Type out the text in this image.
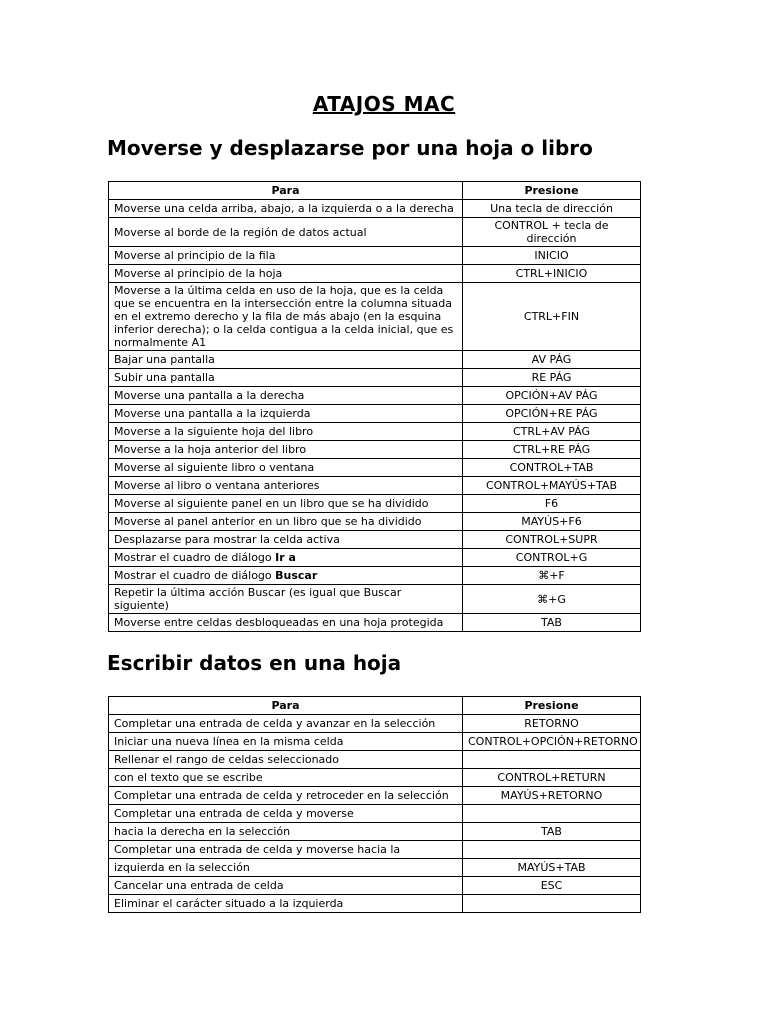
ATAJOS MAC
Moverse y desplazarse por una hoja o libro
Para	Presione
Moverse una celda arriba, abajo, a la izquierda o a la derecha	Una tecla de dirección
Moverse al borde de la región de datos actual	CONTROL + tecla de dirección
Moverse al principio de la fila	INICIO
Moverse al principio de la hoja	CTRL+INICIO
Moverse a la última celda en uso de la hoja, que es la celda que se encuentra en la intersección entre la columna situada en el extremo derecho y la fila de más abajo (en la esquina inferior derecha); o la celda contigua a la celda inicial, que es normalmente A1	CTRL+FIN
Bajar una pantalla	AV PÁG
Subir una pantalla	RE PÁG
Moverse una pantalla a la derecha	OPCIÓN+AV PÁG
Moverse una pantalla a la izquierda	OPCIÓN+RE PÁG
Moverse a la siguiente hoja del libro	CTRL+AV PÁG
Moverse a la hoja anterior del libro	CTRL+RE PÁG
Moverse al siguiente libro o ventana	CONTROL+TAB
Moverse al libro o ventana anteriores	CONTROL+MAYÚS+TAB
Moverse al siguiente panel en un libro que se ha dividido	F6
Moverse al panel anterior en un libro que se ha dividido	MAYÚS+F6
Desplazarse para mostrar la celda activa	CONTROL+SUPR
Mostrar el cuadro de diálogo Ir a	CONTROL+G
Mostrar el cuadro de diálogo Buscar	⌘+F
Repetir la última acción Buscar (es igual que Buscar siguiente)	⌘+G
Moverse entre celdas desbloqueadas en una hoja protegida	TAB
Escribir datos en una hoja
Para	Presione
Completar una entrada de celda y avanzar en la selección	RETORNO
Iniciar una nueva línea en la misma celda	CONTROL+OPCIÓN+RETORNO
Rellenar el rango de celdas seleccionado	
con el texto que se escribe	CONTROL+RETURN
Completar una entrada de celda y retroceder en la selección	MAYÚS+RETORNO
Completar una entrada de celda y moverse	
hacia la derecha en la selección	TAB
Completar una entrada de celda y moverse hacia la	
izquierda en la selección	MAYÚS+TAB
Cancelar una entrada de celda	ESC
Eliminar el carácter situado a la izquierda	
